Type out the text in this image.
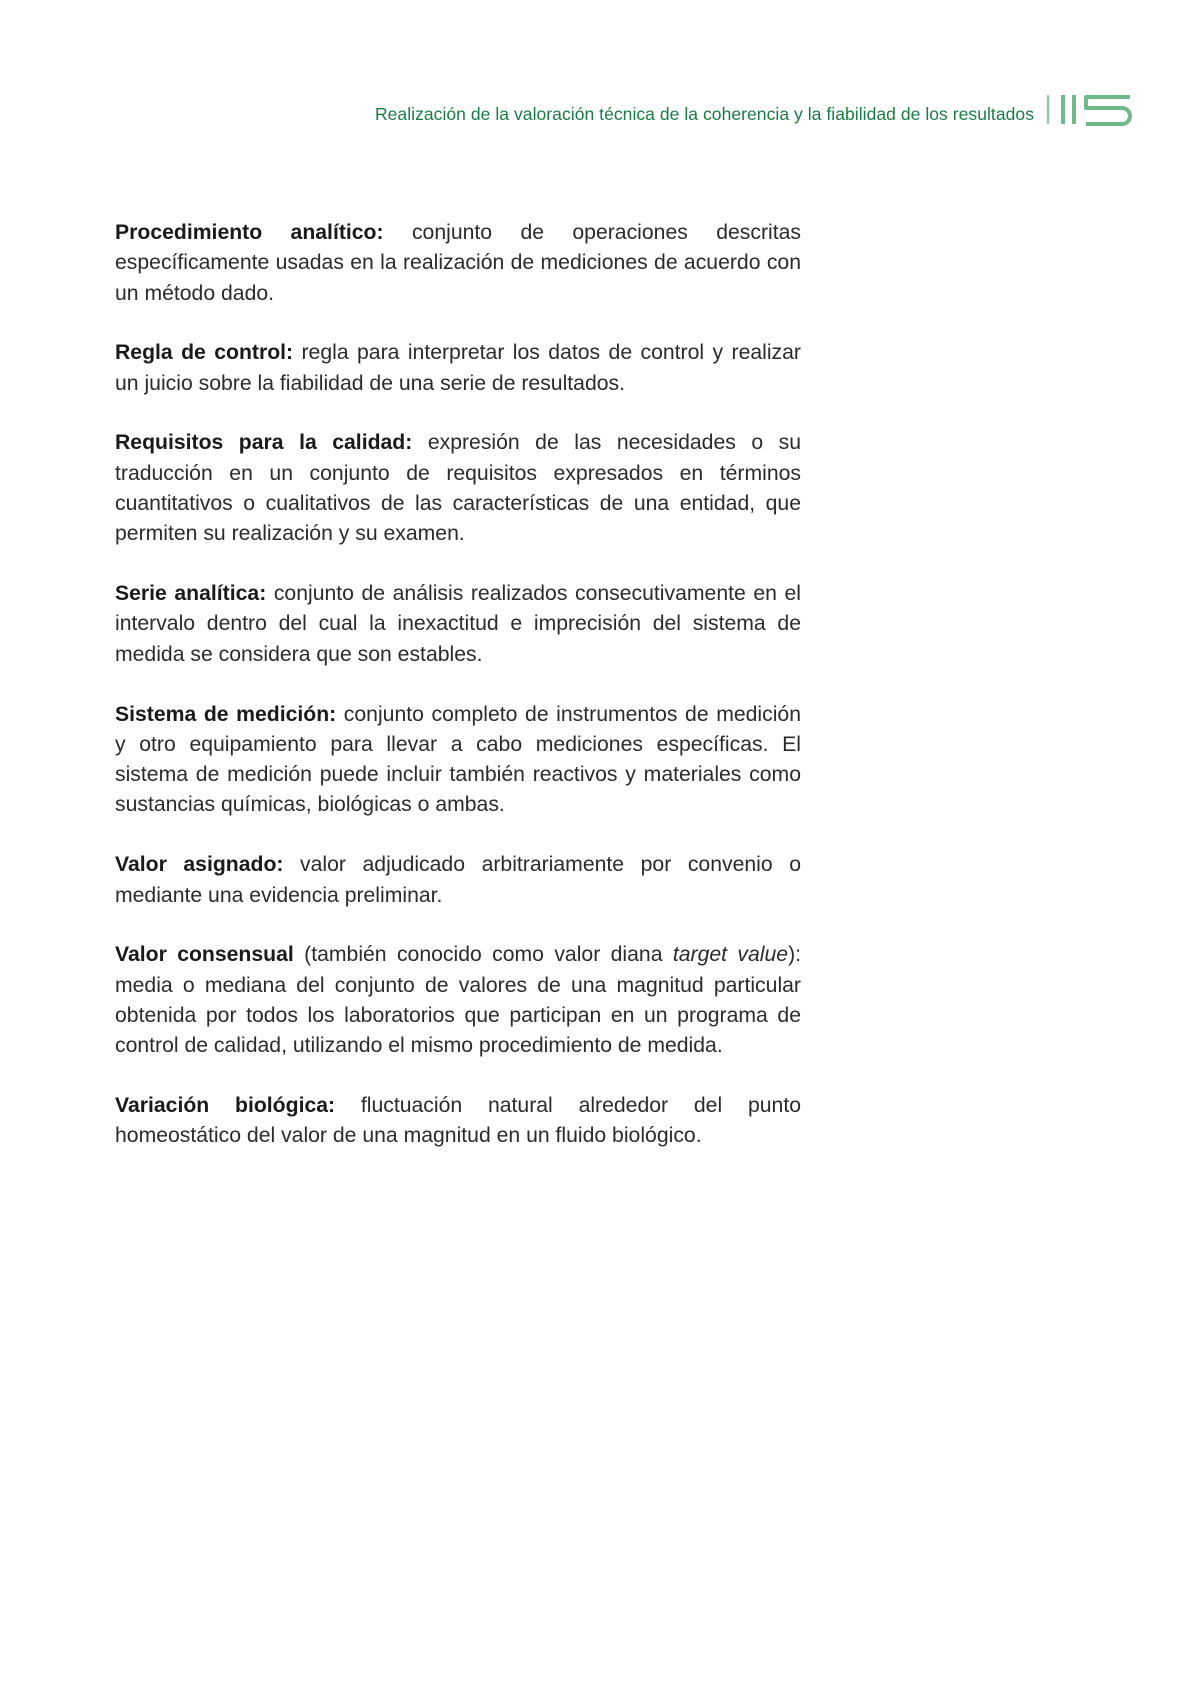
Realización de la valoración técnica de la coherencia y la fiabilidad de los resultados

Procedimiento analítico: conjunto de operaciones descritas específicamente usadas en la realización de mediciones de acuerdo con un método dado.

Regla de control: regla para interpretar los datos de control y realizar un juicio sobre la fiabilidad de una serie de resultados.

Requisitos para la calidad: expresión de las necesidades o su traducción en un conjunto de requisitos expresados en términos cuantitativos o cualitativos de las características de una entidad, que permiten su realización y su examen.

Serie analítica: conjunto de análisis realizados consecutivamente en el intervalo dentro del cual la inexactitud e imprecisión del sistema de medida se considera que son estables.

Sistema de medición: conjunto completo de instrumentos de medición y otro equipamiento para llevar a cabo mediciones específicas. El sistema de medición puede incluir también reactivos y materiales como sustancias químicas, biológicas o ambas.

Valor asignado: valor adjudicado arbitrariamente por convenio o mediante una evidencia preliminar.

Valor consensual (también conocido como valor diana target value): media o mediana del conjunto de valores de una magnitud particular obtenida por todos los laboratorios que participan en un programa de control de calidad, utilizando el mismo procedimiento de medida.

Variación biológica: fluctuación natural alrededor del punto homeostático del valor de una magnitud en un fluido biológico.
